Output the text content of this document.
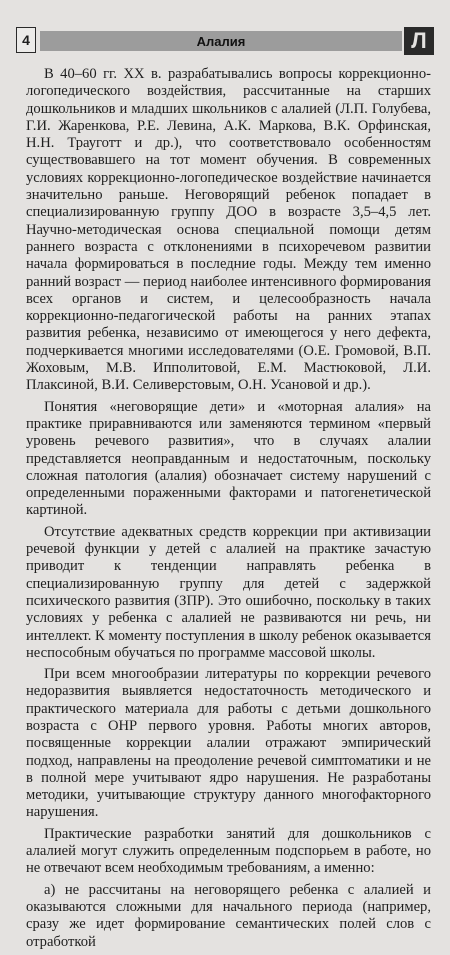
4	Алалия	Л

В 40–60 гг. XX в. разрабатывались вопросы коррекционно-логопедического воздействия, рассчитанные на старших дошкольников и младших школьников с алалией (Л.П. Голубева, Г.И. Жаренкова, Р.Е. Левина, А.К. Маркова, В.К. Орфинская, Н.Н. Трауготт и др.), что соответствовало особенностям существовавшего на тот момент обучения. В современных условиях коррекционно-логопедическое воздействие начинается значительно раньше. Неговорящий ребенок попадает в специализированную группу ДОО в возрасте 3,5–4,5 лет. Научно-методическая основа специальной помощи детям раннего возраста с отклонениями в психоречевом развитии начала формироваться в последние годы. Между тем именно ранний возраст — период наиболее интенсивного формирования всех органов и систем, и целесообразность начала коррекционно-педагогической работы на ранних этапах развития ребенка, независимо от имеющегося у него дефекта, подчеркивается многими исследователями (О.Е. Громовой, В.П. Жоховым, М.В. Ипполитовой, Е.М. Мастюковой, Л.И. Плаксиной, В.И. Селиверстовым, О.Н. Усановой и др.).

Понятия «неговорящие дети» и «моторная алалия» на практике приравниваются или заменяются термином «первый уровень речевого развития», что в случаях алалии представляется неоправданным и недостаточным, поскольку сложная патология (алалия) обозначает систему нарушений с определенными пораженными факторами и патогенетической картиной.

Отсутствие адекватных средств коррекции при активизации речевой функции у детей с алалией на практике зачастую приводит к тенденции направлять ребенка в специализированную группу для детей с задержкой психического развития (ЗПР). Это ошибочно, поскольку в таких условиях у ребенка с алалией не развиваются ни речь, ни интеллект. К моменту поступления в школу ребенок оказывается неспособным обучаться по программе массовой школы.

При всем многообразии литературы по коррекции речевого недоразвития выявляется недостаточность методического и практического материала для работы с детьми дошкольного возраста с ОНР первого уровня. Работы многих авторов, посвященные коррекции алалии отражают эмпирический подход, направлены на преодоление речевой симптоматики и не в полной мере учитывают ядро нарушения. Не разработаны методики, учитывающие структуру данного многофакторного нарушения.

Практические разработки занятий для дошкольников с алалией могут служить определенным подспорьем в работе, но не отвечают всем необходимым требованиям, а именно:

а) не рассчитаны на неговорящего ребенка с алалией и оказываются сложными для начального периода (например, сразу же идет формирование семантических полей слов с отработкой
